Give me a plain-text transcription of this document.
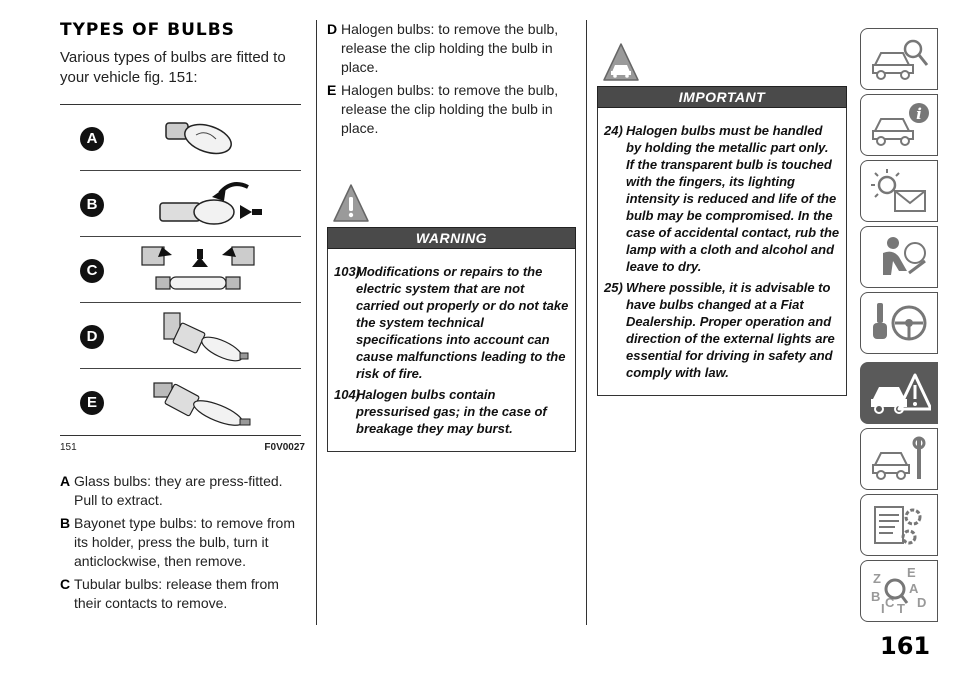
TYPES OF BULBS

Various types of bulbs are fitted to your vehicle fig. 151:

A
B
C
D
E
151	F0V0027
A Glass bulbs: they are press-fitted. Pull to extract.
B Bayonet type bulbs: to remove from its holder, press the bulb, turn it anticlockwise, then remove.
C Tubular bulbs: release them from their contacts to remove.
D Halogen bulbs: to remove the bulb, release the clip holding the bulb in place.
E Halogen bulbs: to remove the bulb, release the clip holding the bulb in place.
WARNING
103)
Modifications or repairs to the electric system that are not carried out properly or do not take the system technical specifications into account can cause malfunctions leading to the risk of fire.
104)
Halogen bulbs contain pressurised gas; in the case of breakage they may burst.
IMPORTANT
24) Halogen bulbs must be handled by holding the metallic part only. If the transparent bulb is touched with the fingers, its lighting intensity is reduced and life of the bulb may be compromised. In the case of accidental contact, rub the lamp with a cloth and alcohol and leave to dry.
25) Where possible, it is advisable to have bulbs changed at a Fiat Dealership. Proper operation and direction of the external lights are essential for driving in safety and comply with law.
i
Z E
A
B C T D
I
161
